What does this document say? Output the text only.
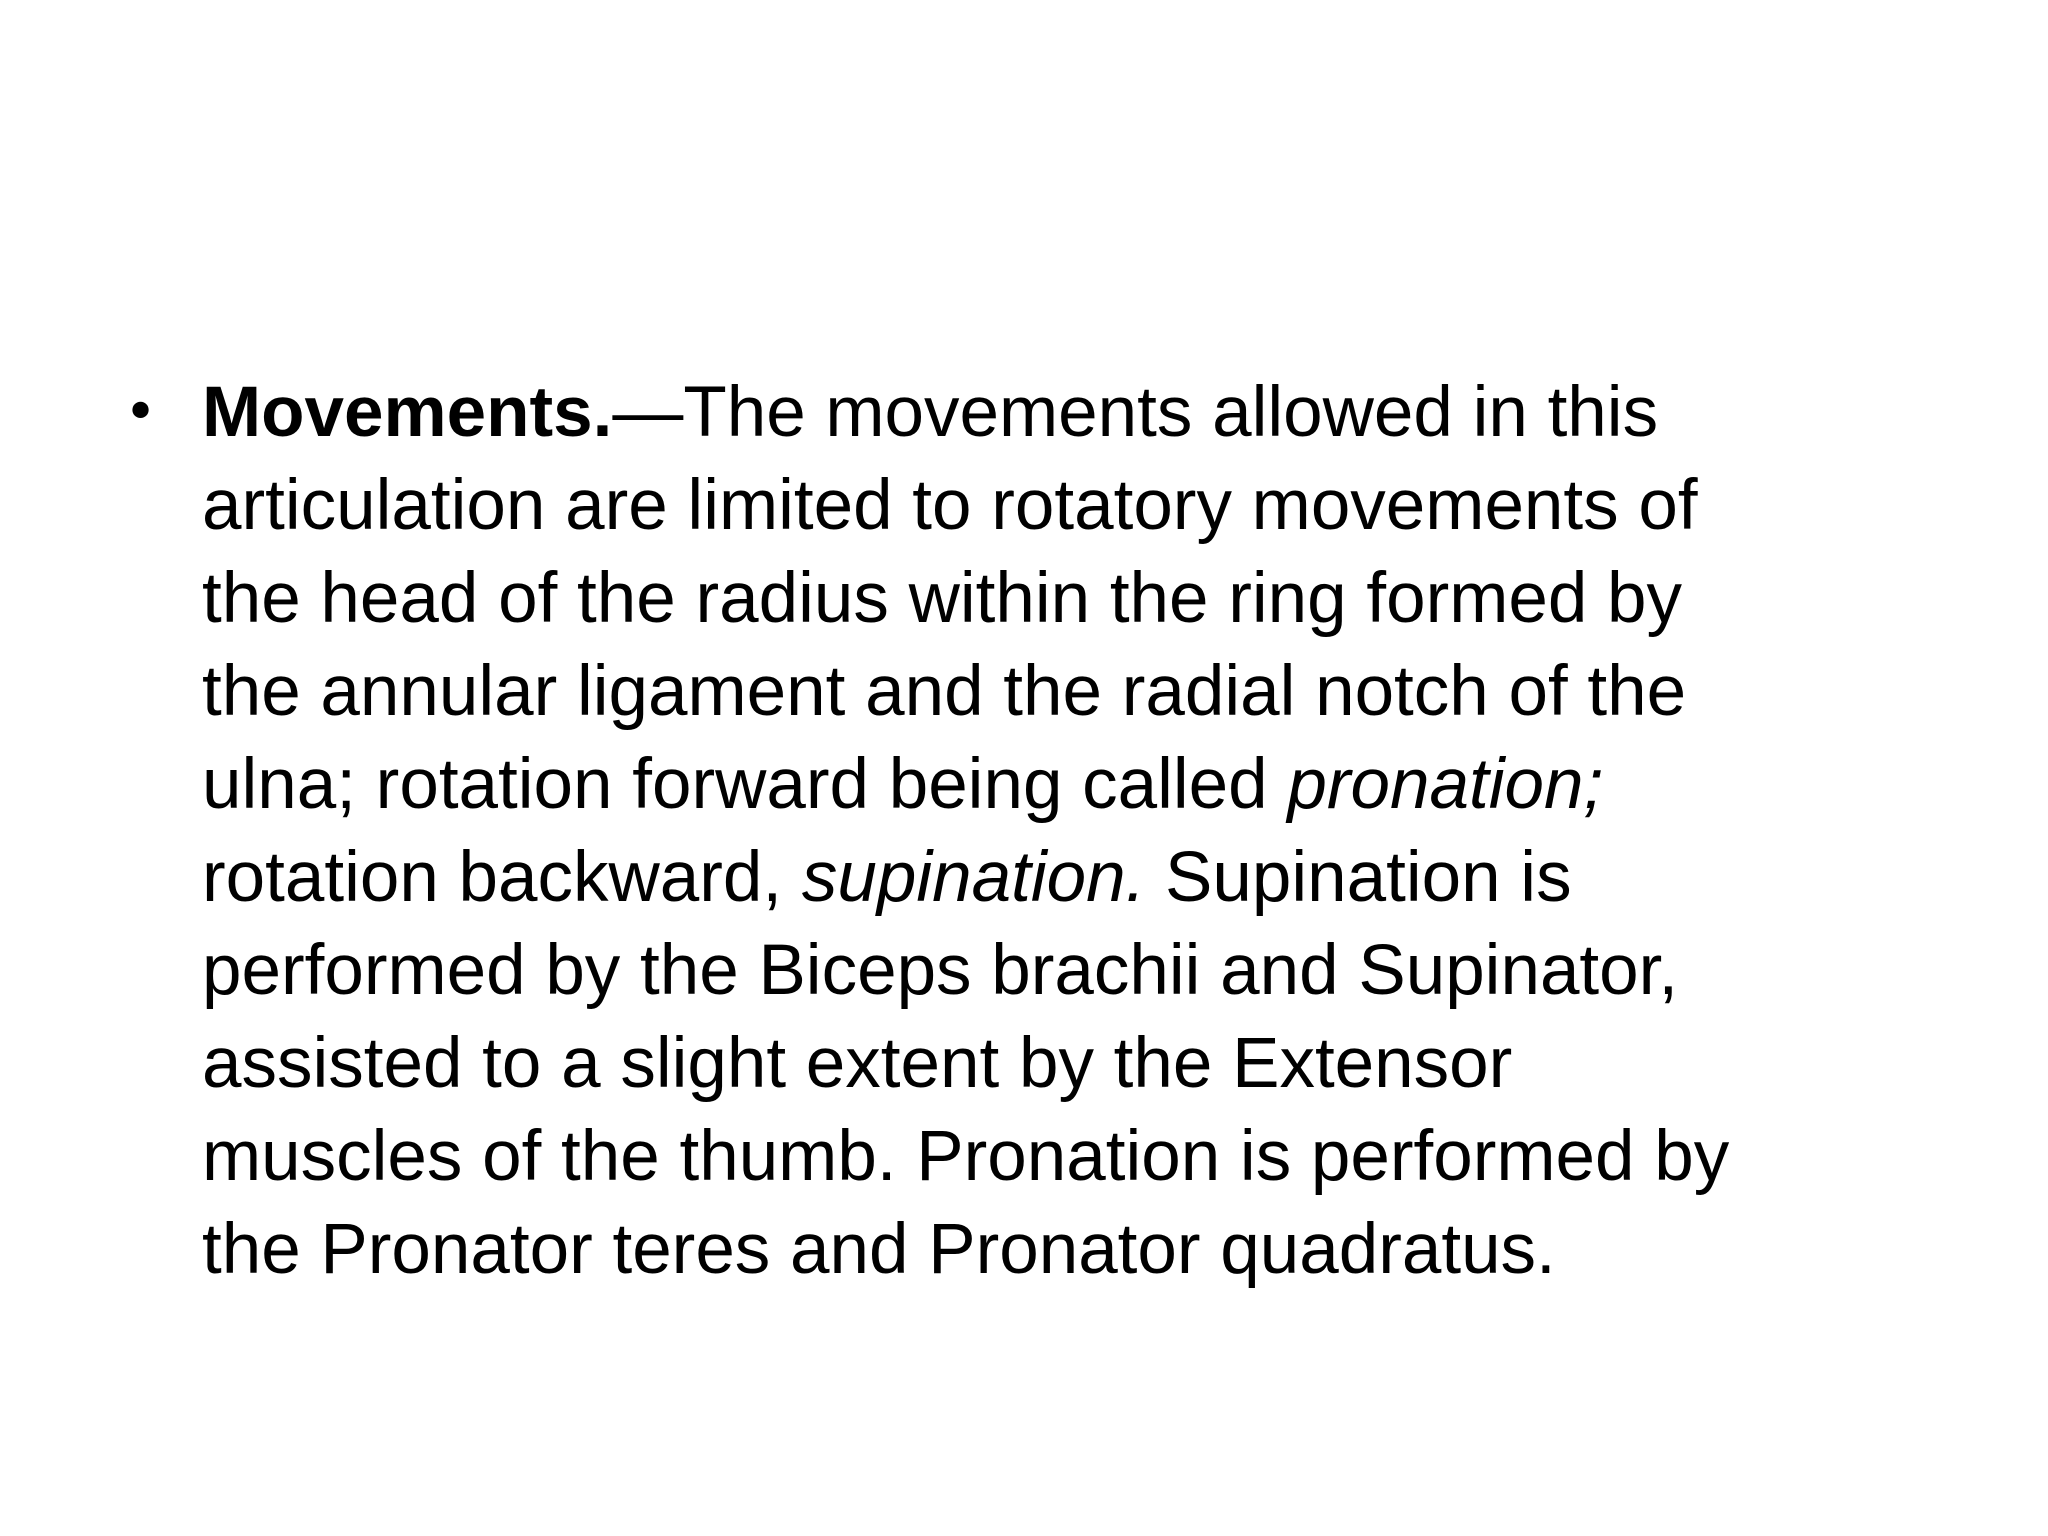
• Movements.—The movements allowed in this
articulation are limited to rotatory movements of
the head of the radius within the ring formed by
the annular ligament and the radial notch of the
ulna; rotation forward being called pronation;
rotation backward, supination. Supination is
performed by the Biceps brachii and Supinator,
assisted to a slight extent by the Extensor
muscles of the thumb. Pronation is performed by
the Pronator teres and Pronator quadratus.
